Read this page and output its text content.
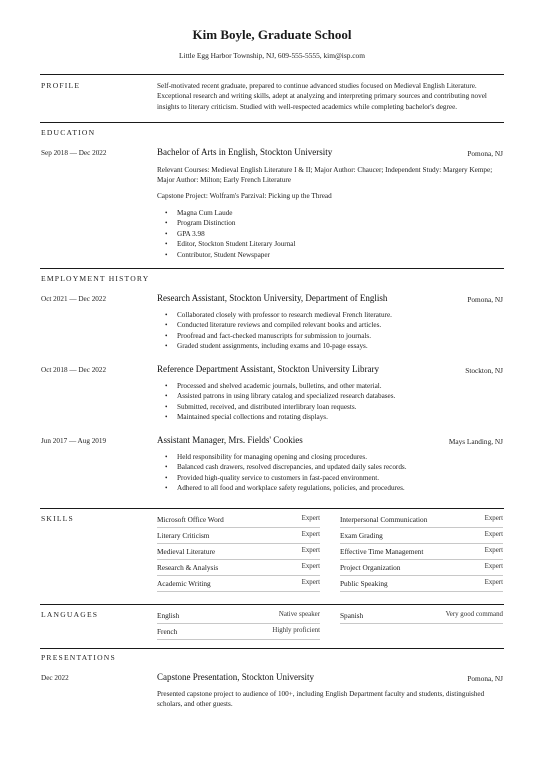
Kim Boyle, Graduate School
Little Egg Harbor Township, NJ, 609-555-5555, kim@isp.com
PROFILE	Self-motivated recent graduate, prepared to continue advanced studies focused on Medieval English Literature. Exceptional research and writing skills, adept at analyzing and interpreting primary sources and contributing novel insights to literary criticism. Studied with well-respected academics while completing bachelor's degree.
EDUCATION
Sep 2018 — Dec 2022	Bachelor of Arts in English, Stockton University	Pomona, NJ
Relevant Courses: Medieval English Literature I & II; Major Author: Chaucer; Independent Study: Margery Kempe; Major Author: Milton; Early French Literature
Capstone Project: Wolfram's Parzival: Picking up the Thread
• Magna Cum Laude
• Program Distinction
• GPA 3.98
• Editor, Stockton Student Literary Journal
• Contributor, Student Newspaper
EMPLOYMENT HISTORY
Oct 2021 — Dec 2022	Research Assistant, Stockton University, Department of English	Pomona, NJ
• Collaborated closely with professor to research medieval French literature.
• Conducted literature reviews and compiled relevant books and articles.
• Proofread and fact-checked manuscripts for submission to journals.
• Graded student assignments, including exams and 10-page essays.
Oct 2018 — Dec 2022	Reference Department Assistant, Stockton University Library	Stockton, NJ
• Processed and shelved academic journals, bulletins, and other material.
• Assisted patrons in using library catalog and specialized research databases.
• Submitted, received, and distributed interlibrary loan requests.
• Maintained special collections and rotating displays.
Jun 2017 — Aug 2019	Assistant Manager, Mrs. Fields' Cookies	Mays Landing, NJ
• Held responsibility for managing opening and closing procedures.
• Balanced cash drawers, resolved discrepancies, and updated daily sales records.
• Provided high-quality service to customers in fast-paced environment.
• Adhered to all food and workplace safety regulations, policies, and procedures.
SKILLS	Microsoft Office Word	Expert
Literary Criticism	Expert
Medieval Literature	Expert
Research & Analysis	Expert
Academic Writing	Expert
Interpersonal Communication	Expert
Exam Grading	Expert
Effective Time Management	Expert
Project Organization	Expert
Public Speaking	Expert
LANGUAGES	English	Native speaker
French	Highly proficient
Spanish	Very good command
PRESENTATIONS
Dec 2022	Capstone Presentation, Stockton University	Pomona, NJ
Presented capstone project to audience of 100+, including English Department faculty and students, distinguished scholars, and other guests.
